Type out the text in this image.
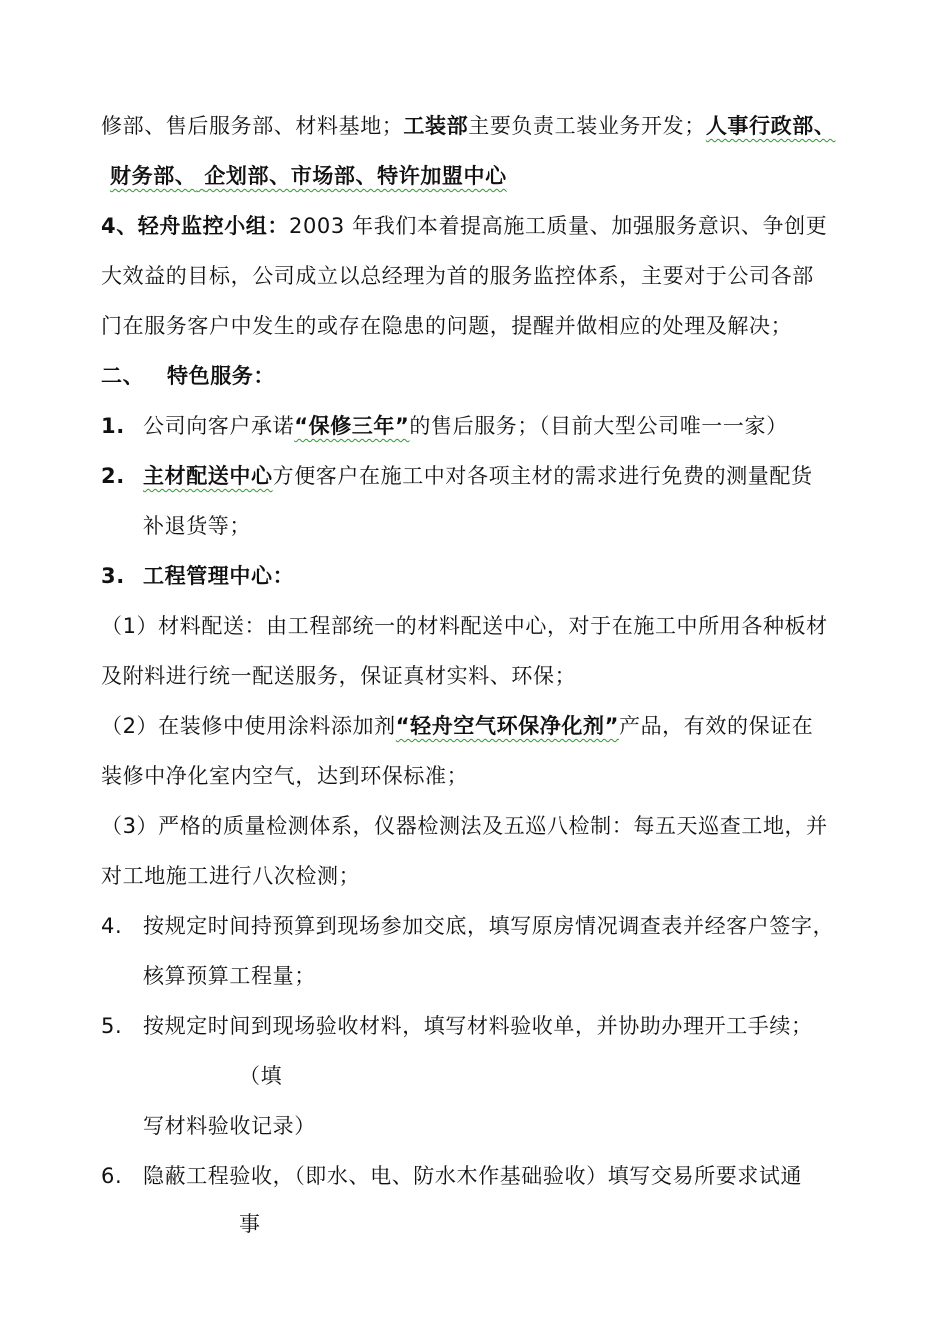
修部、售后服务部、材料基地；工装部主要负责工装业务开发；人事行政部、
财务部、 企划部、市场部、特许加盟中心
4、轻舟监控小组：2003 年我们本着提高施工质量、加强服务意识、争创更
大效益的目标，公司成立以总经理为首的服务监控体系，主要对于公司各部
门在服务客户中发生的或存在隐患的问题，提醒并做相应的处理及解决；
二、 特色服务：
1. 公司向客户承诺“保修三年”的售后服务；（目前大型公司唯一一家）
2. 主材配送中心方便客户在施工中对各项主材的需求进行免费的测量配货
补退货等；
3. 工程管理中心：
（1）材料配送：由工程部统一的材料配送中心，对于在施工中所用各种板材
及附料进行统一配送服务，保证真材实料、环保；
（2）在装修中使用涂料添加剂“轻舟空气环保净化剂”产品，有效的保证在
装修中净化室内空气，达到环保标准；
（3）严格的质量检测体系，仪器检测法及五巡八检制：每五天巡查工地，并
对工地施工进行八次检测；
4. 按规定时间持预算到现场参加交底，填写原房情况调查表并经客户签字，
核算预算工程量；
5. 按规定时间到现场验收材料，填写材料验收单，并协助办理开工手续；
（填
写材料验收记录）
6. 隐蔽工程验收，（即水、电、防水木作基础验收）填写交易所要求试通
事
